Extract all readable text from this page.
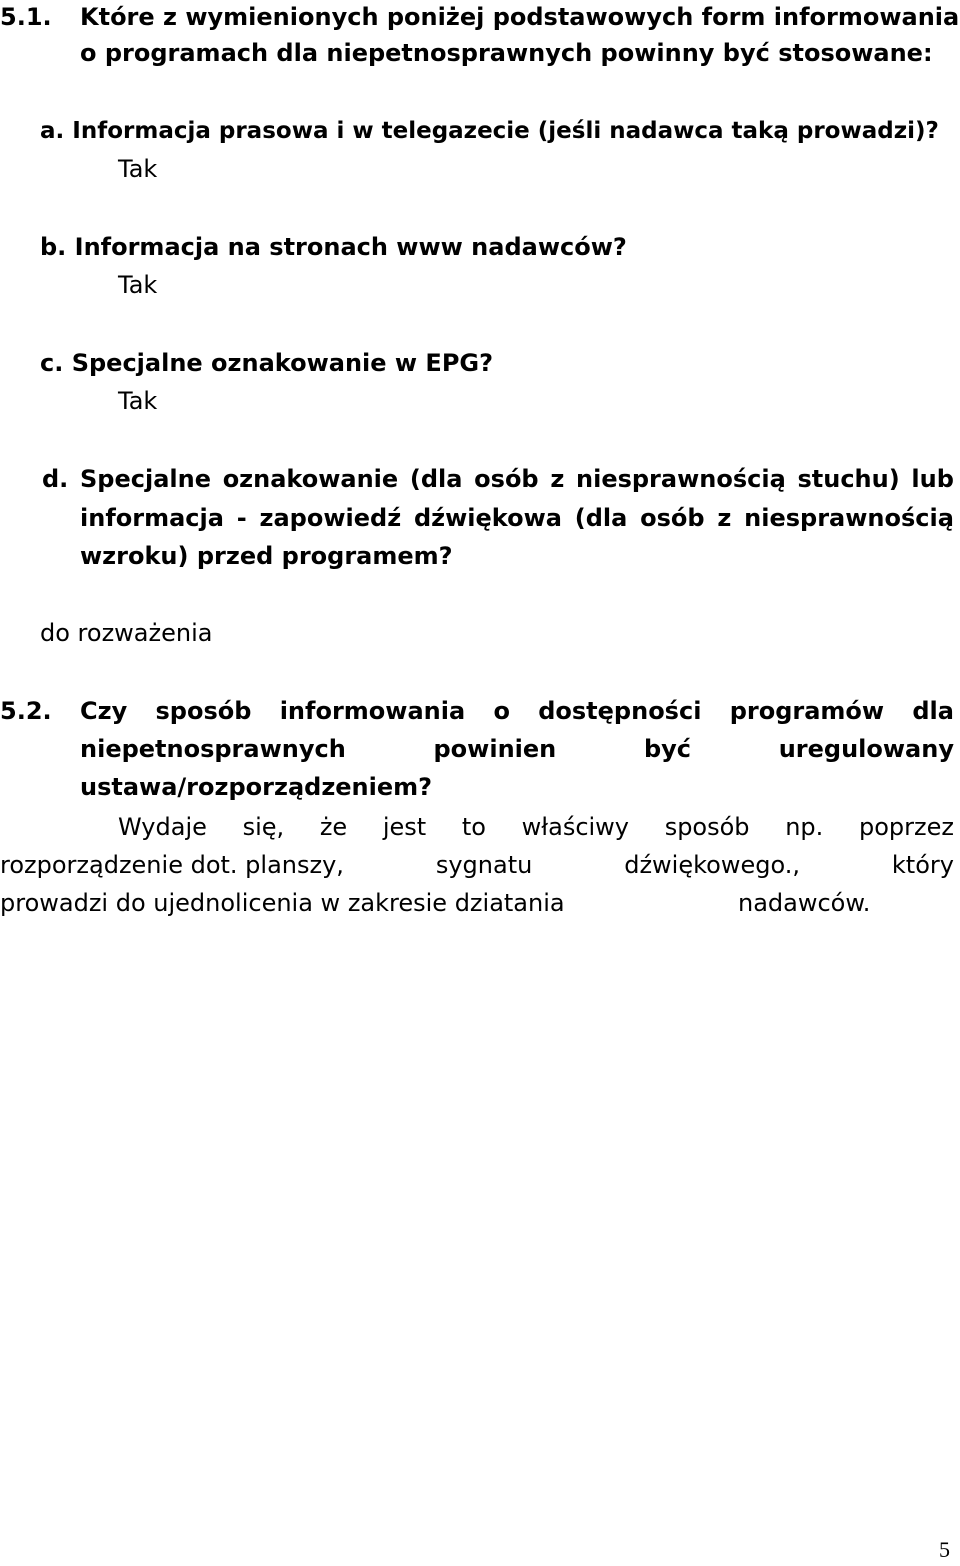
5.1. Które z wymienionych poniżej podstawowych form informowania
o programach dla niepetnosprawnych powinny być stosowane:
a. Informacja prasowa i w telegazecie (jeśli nadawca taką prowadzi)?
Tak
b. Informacja na stronach www nadawców?
Tak
c. Specjalne oznakowanie w EPG?
Tak
d. Specjalne oznakowanie (dla osób z niesprawnością stuchu) lub
informacja - zapowiedź dźwiękowa (dla osób z niesprawnością
wzroku) przed programem?
do rozważenia
5.2. Czy sposób informowania o dostępności programów dla
niepetnosprawnych	powinien	być	uregulowany
ustawa/rozporządzeniem?
Wydaje się, że jest to właściwy sposób np. poprzez
rozporządzenie dot. planszy,	sygnatu	dźwiękowego.,	który
prowadzi do ujednolicenia w zakresie dziatania	nadawców.
5
